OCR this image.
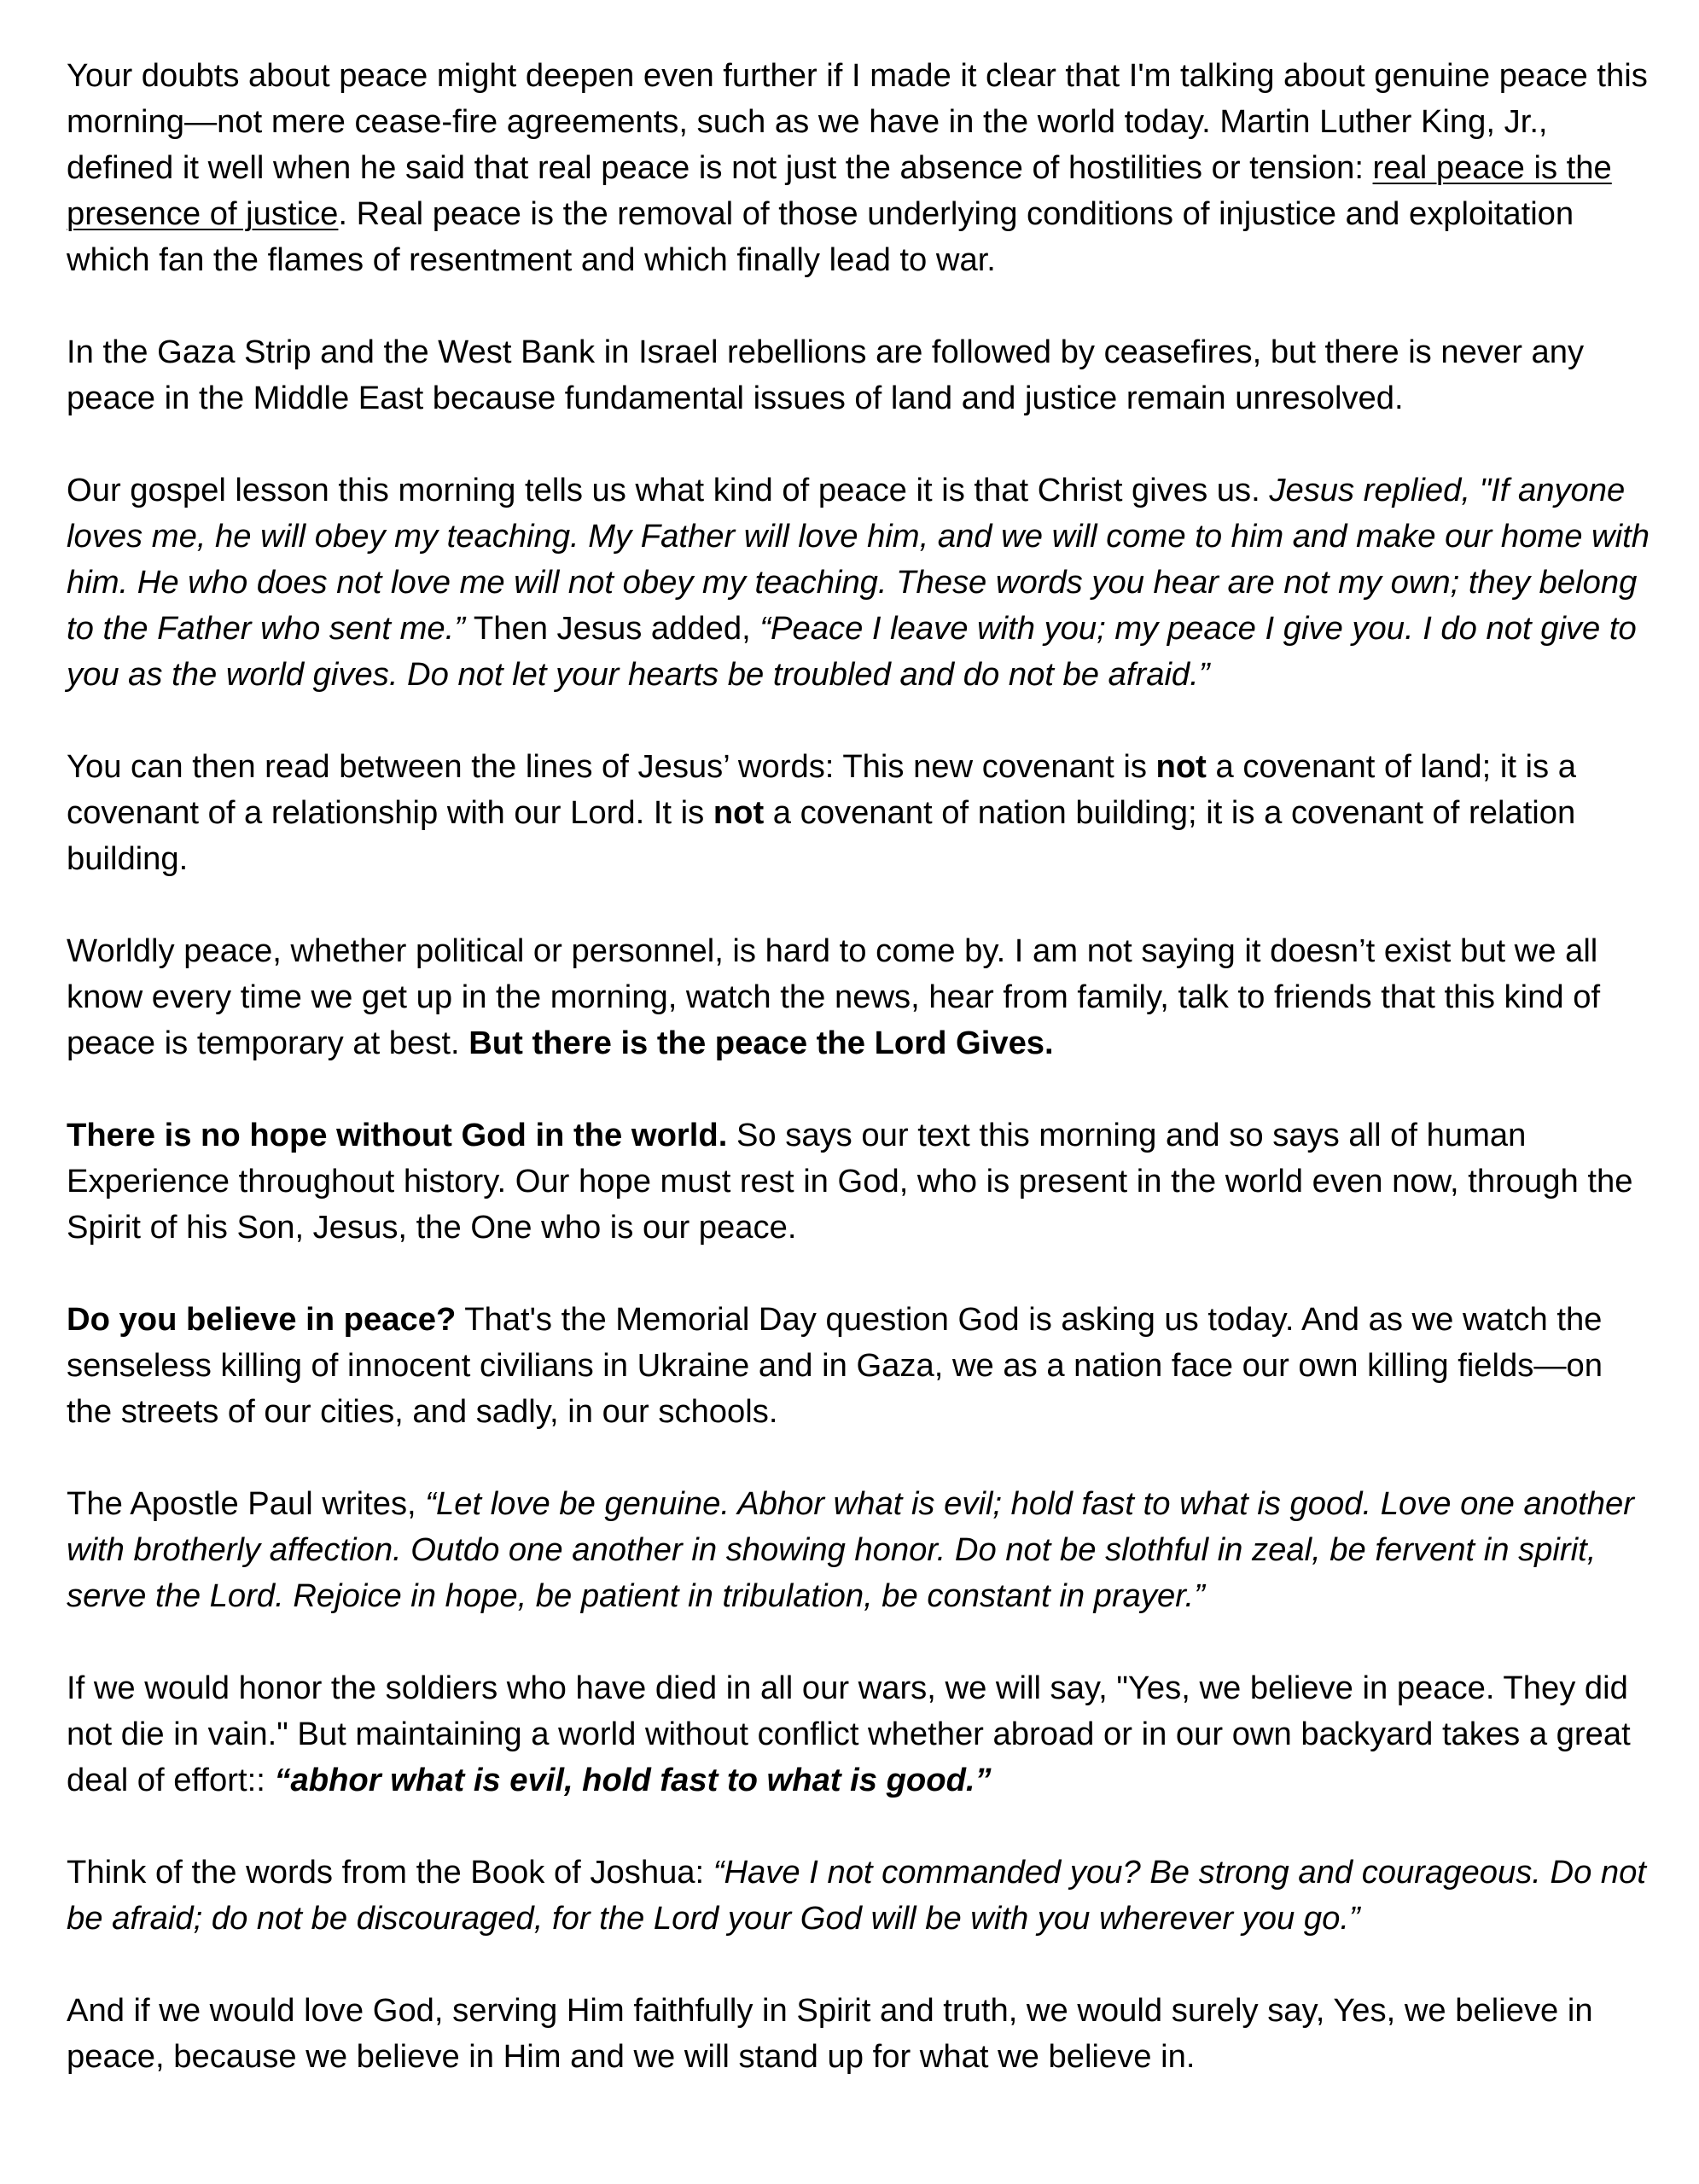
Your doubts about peace might deepen even further if I made it clear that I'm talking about genuine peace this morning—not mere cease-fire agreements, such as we have in the world today. Martin Luther King, Jr., defined it well when he said that real peace is not just the absence of hostilities or tension: real peace is the presence of justice. Real peace is the removal of those underlying conditions of injustice and exploitation which fan the flames of resentment and which finally lead to war.

In the Gaza Strip and the West Bank in Israel rebellions are followed by ceasefires, but there is never any peace in the Middle East because fundamental issues of land and justice remain unresolved.

Our gospel lesson this morning tells us what kind of peace it is that Christ gives us. Jesus replied, "If anyone loves me, he will obey my teaching. My Father will love him, and we will come to him and make our home with him. He who does not love me will not obey my teaching. These words you hear are not my own; they belong to the Father who sent me.” Then Jesus added, “Peace I leave with you; my peace I give you. I do not give to you as the world gives. Do not let your hearts be troubled and do not be afraid.”

You can then read between the lines of Jesus’ words: This new covenant is not a covenant of land; it is a covenant of a relationship with our Lord. It is not a covenant of nation building; it is a covenant of relation building.

Worldly peace, whether political or personnel, is hard to come by. I am not saying it doesn’t exist but we all know every time we get up in the morning, watch the news, hear from family, talk to friends that this kind of peace is temporary at best. But there is the peace the Lord Gives.

There is no hope without God in the world. So says our text this morning and so says all of human Experience throughout history. Our hope must rest in God, who is present in the world even now, through the Spirit of his Son, Jesus, the One who is our peace.

Do you believe in peace? That's the Memorial Day question God is asking us today. And as we watch the senseless killing of innocent civilians in Ukraine and in Gaza, we as a nation face our own killing fields—on the streets of our cities, and sadly, in our schools.

The Apostle Paul writes, “Let love be genuine. Abhor what is evil; hold fast to what is good. Love one another with brotherly affection. Outdo one another in showing honor. Do not be slothful in zeal, be fervent in spirit, serve the Lord. Rejoice in hope, be patient in tribulation, be constant in prayer.”

If we would honor the soldiers who have died in all our wars, we will say, "Yes, we believe in peace. They did not die in vain." But maintaining a world without conflict whether abroad or in our own backyard takes a great deal of effort:: “abhor what is evil, hold fast to what is good.”

Think of the words from the Book of Joshua: “Have I not commanded you? Be strong and courageous. Do not be afraid; do not be discouraged, for the Lord your God will be with you wherever you go.”

And if we would love God, serving Him faithfully in Spirit and truth, we would surely say, Yes, we believe in peace, because we believe in Him and we will stand up for what we believe in.
